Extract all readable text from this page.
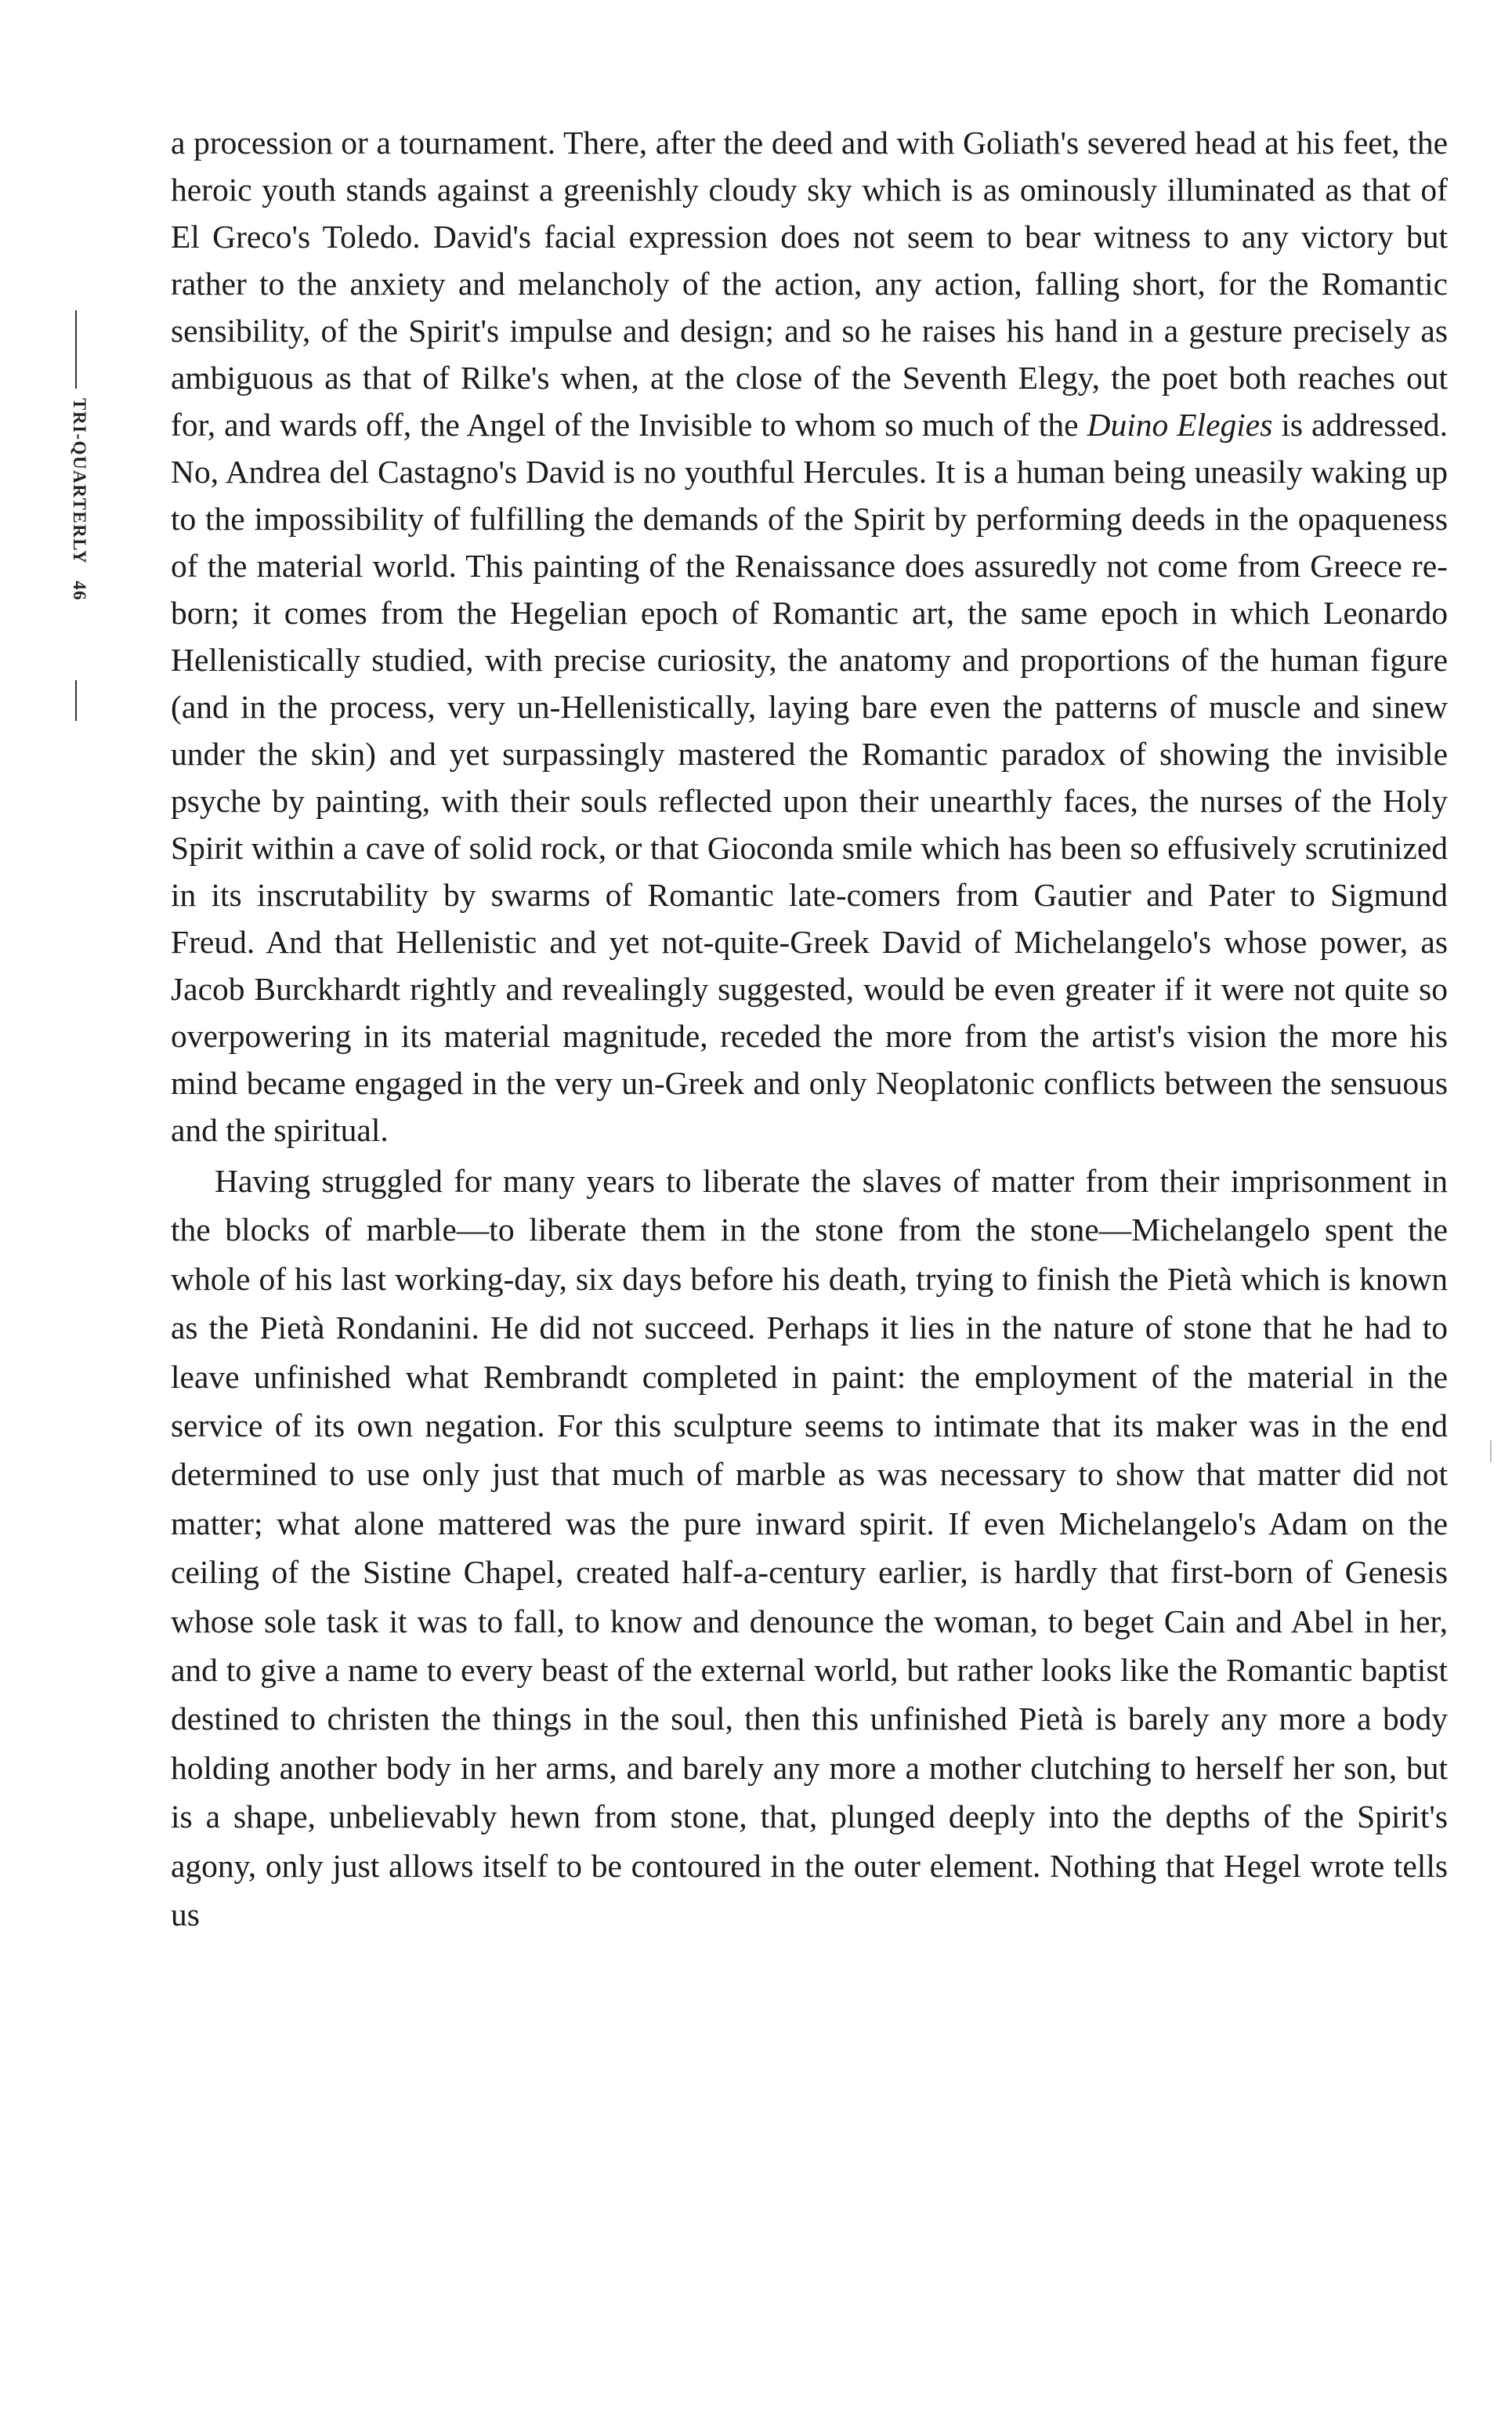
TRI-QUARTERLY 46

a procession or a tournament. There, after the deed and with Goliath's severed head at his feet, the heroic youth stands against a greenishly cloudy sky which is as ominously illuminated as that of El Greco's Toledo. David's facial expression does not seem to bear witness to any victory but rather to the anxiety and melancholy of the action, any action, falling short, for the Romantic sensibility, of the Spirit's impulse and design; and so he raises his hand in a gesture precisely as ambiguous as that of Rilke's when, at the close of the Seventh Elegy, the poet both reaches out for, and wards off, the Angel of the Invisible to whom so much of the Duino Elegies is addressed. No, Andrea del Castagno's David is no youthful Hercules. It is a human being uneasily waking up to the impossibility of fulfilling the demands of the Spirit by performing deeds in the opaqueness of the material world. This painting of the Renaissance does assuredly not come from Greece re-born; it comes from the Hegelian epoch of Romantic art, the same epoch in which Leonardo Hellenistically studied, with precise curiosity, the anatomy and proportions of the human figure (and in the process, very un-Hellenistically, laying bare even the patterns of muscle and sinew under the skin) and yet surpassingly mastered the Romantic paradox of showing the invisible psyche by painting, with their souls reflected upon their unearthly faces, the nurses of the Holy Spirit within a cave of solid rock, or that Gioconda smile which has been so effusively scrutinized in its inscrutability by swarms of Romantic late-comers from Gautier and Pater to Sigmund Freud. And that Hellenistic and yet not-quite-Greek David of Michelangelo's whose power, as Jacob Burckhardt rightly and revealingly suggested, would be even greater if it were not quite so overpowering in its material magnitude, receded the more from the artist's vision the more his mind became engaged in the very un-Greek and only Neoplatonic conflicts between the sensuous and the spiritual.

Having struggled for many years to liberate the slaves of matter from their imprisonment in the blocks of marble—to liberate them in the stone from the stone—Michelangelo spent the whole of his last working-day, six days before his death, trying to finish the Pietà which is known as the Pietà Rondanini. He did not succeed. Perhaps it lies in the nature of stone that he had to leave unfinished what Rembrandt completed in paint: the employment of the material in the service of its own negation. For this sculpture seems to intimate that its maker was in the end determined to use only just that much of marble as was necessary to show that matter did not matter; what alone mattered was the pure inward spirit. If even Michelangelo's Adam on the ceiling of the Sistine Chapel, created half-a-century earlier, is hardly that first-born of Genesis whose sole task it was to fall, to know and denounce the woman, to beget Cain and Abel in her, and to give a name to every beast of the external world, but rather looks like the Romantic baptist destined to christen the things in the soul, then this unfinished Pietà is barely any more a body holding another body in her arms, and barely any more a mother clutching to herself her son, but is a shape, unbelievably hewn from stone, that, plunged deeply into the depths of the Spirit's agony, only just allows itself to be contoured in the outer element. Nothing that Hegel wrote tells us
